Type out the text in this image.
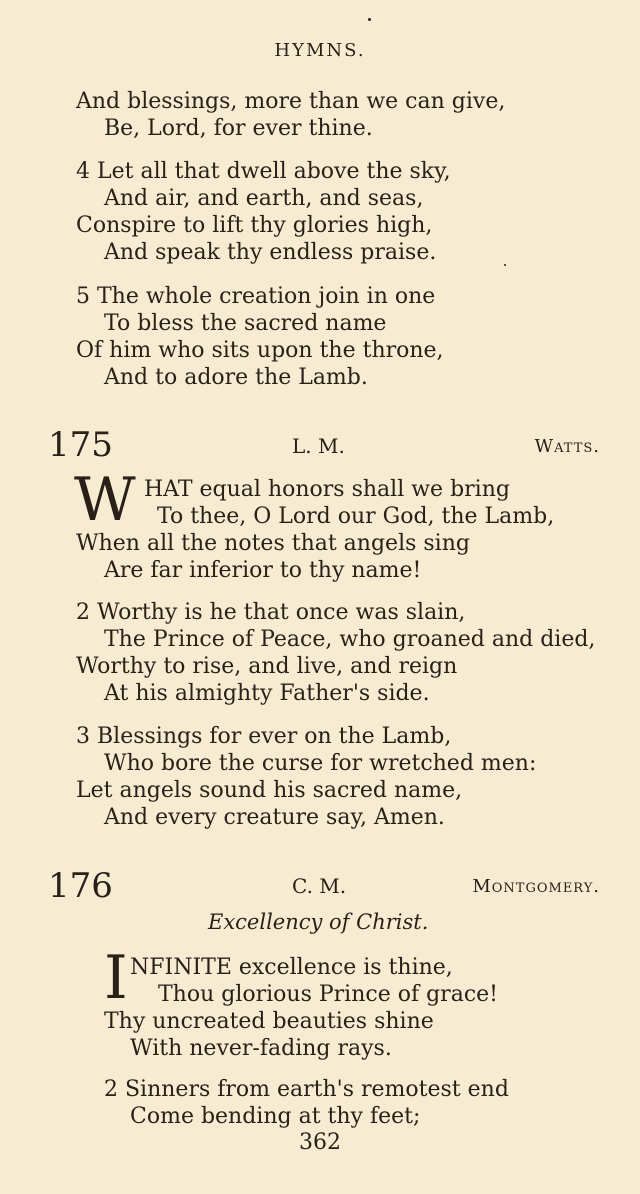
HYMNS.
And blessings, more than we can give,
Be, Lord, for ever thine.
4 Let all that dwell above the sky,
And air, and earth, and seas,
Conspire to lift thy glories high,
And speak thy endless praise.
5 The whole creation join in one
To bless the sacred name
Of him who sits upon the throne,
And to adore the Lamb.
175	L. M.	Watts.
W HAT equal honors shall we bring
To thee, O Lord our God, the Lamb,
When all the notes that angels sing
Are far inferior to thy name!
2 Worthy is he that once was slain,
The Prince of Peace, who groaned and died,
Worthy to rise, and live, and reign
At his almighty Father's side.
3 Blessings for ever on the Lamb,
Who bore the curse for wretched men:
Let angels sound his sacred name,
And every creature say, Amen.
176	C. M.	Montgomery.
Excellency of Christ.
I NFINITE excellence is thine,
Thou glorious Prince of grace!
Thy uncreated beauties shine
With never-fading rays.
2 Sinners from earth's remotest end
Come bending at thy feet;
362
